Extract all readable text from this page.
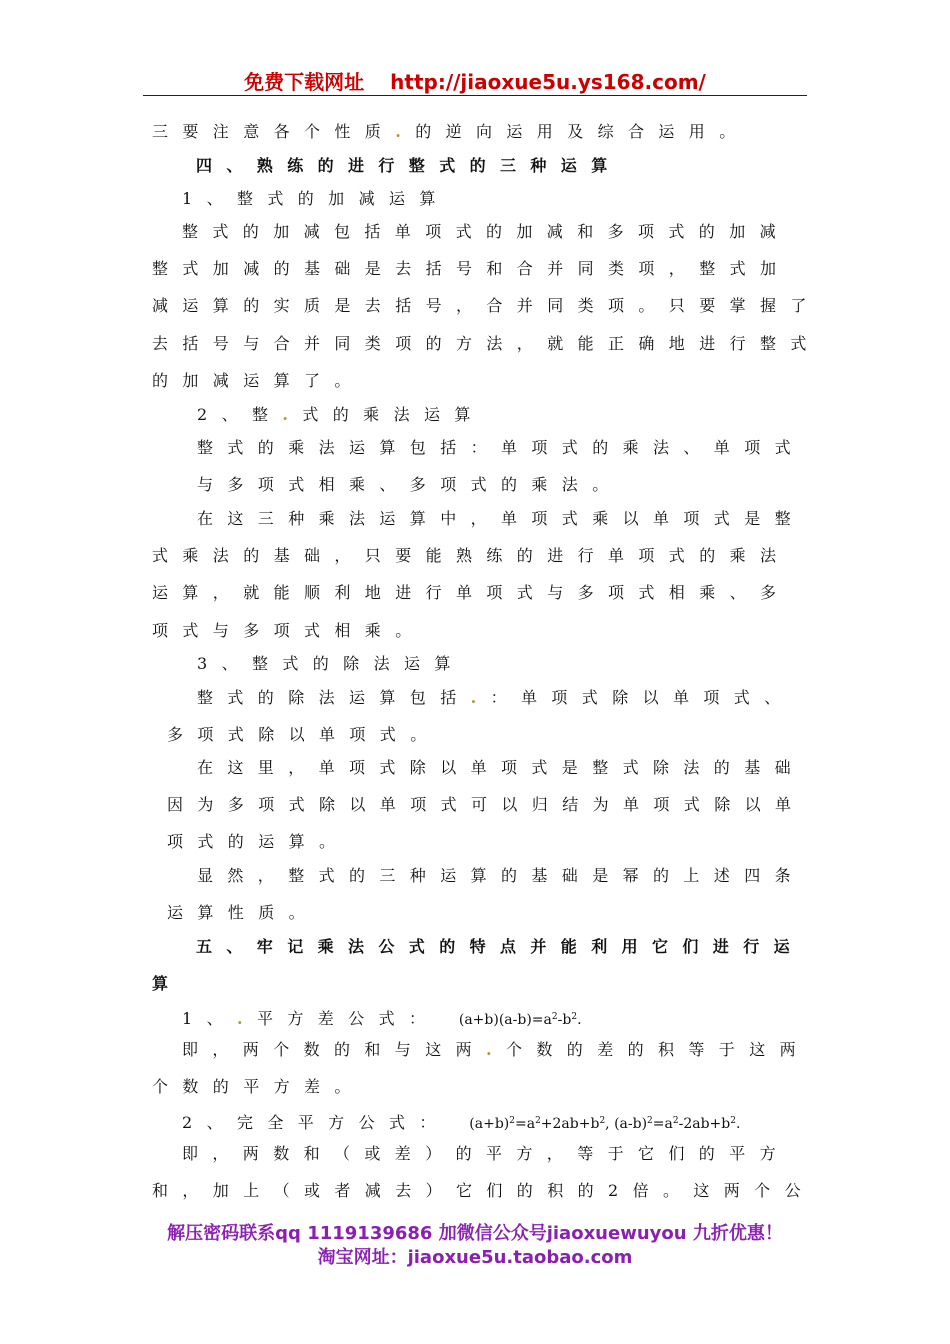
免费下载网址 http://jiaoxue5u.ys168.com/
三要注意各个性质.的逆向运用及综合运用。
四、熟练的进行整式的三种运算
1、整式的加减运算
整式的加减包括单项式的加减和多项式的加减
整式加减的基础是去括号和合并同类项，整式加
减运算的实质是去括号，合并同类项。只要掌握了
去括号与合并同类项的方法，就能正确地进行整式
的加减运算了。
2、整.式的乘法运算
整式的乘法运算包括：单项式的乘法、单项式
与多项式相乘、多项式的乘法。
在这三种乘法运算中，单项式乘以单项式是整
式乘法的基础，只要能熟练的进行单项式的乘法
运算，就能顺利地进行单项式与多项式相乘、多
项式与多项式相乘。
3、整式的除法运算
整式的除法运算包括.：单项式除以单项式、
多项式除以单项式。
在这里，单项式除以单项式是整式除法的基础
因为多项式除以单项式可以归结为单项式除以单
项式的运算。
显然，整式的三种运算的基础是幂的上述四条
运算性质。
五、牢记乘法公式的特点并能利用它们进行运
算
1、.平方差公式： $(a+b)(a-b)=a^2-b^2$.
即，两个数的和与这两.个数的差的积等于这两
个数的平方差。
2、完全平方公式： $(a+b)^2=a^2+2ab+b^2$, $(a-b)^2=a^2-2ab+b^2$.
即，两数和（或差）的平方，等于它们的平方
和，加上（或者减去）它们的积的2倍。这两个公
解压密码联系qq 1119139686 加微信公众号jiaoxuewuyou 九折优惠！
淘宝网址：jiaoxue5u.taobao.com
